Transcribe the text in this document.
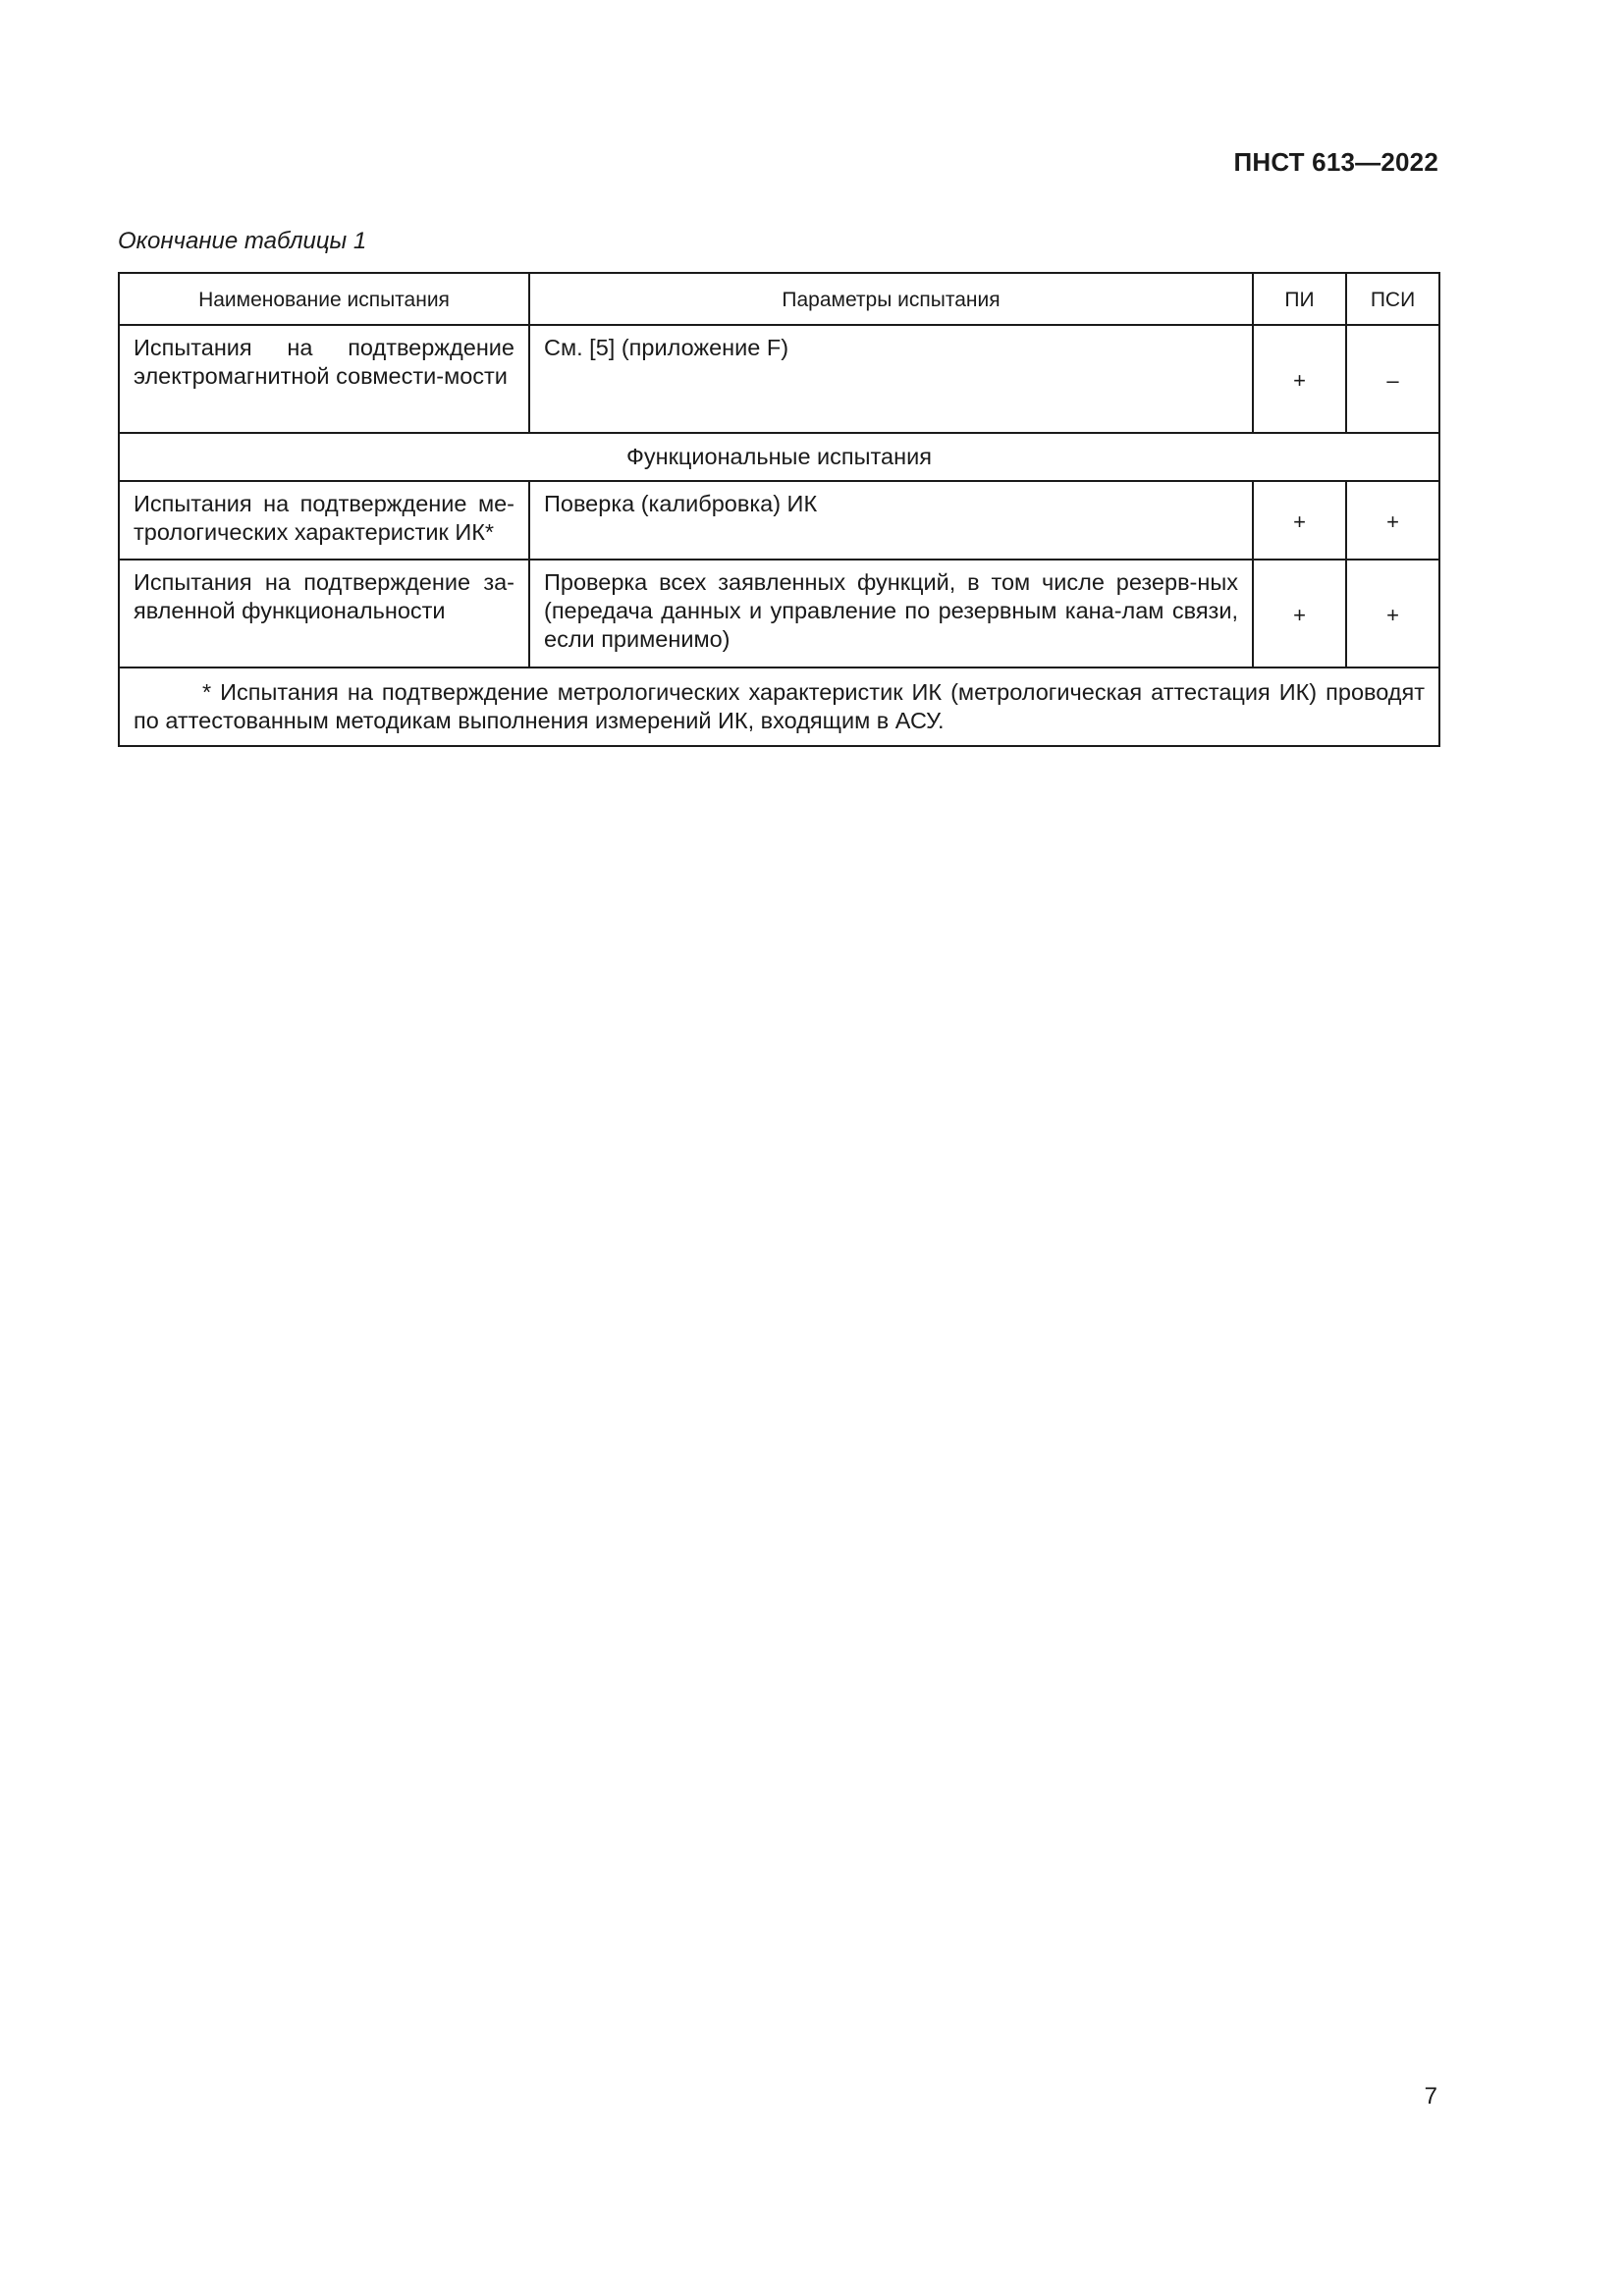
ПНСТ 613—2022
Окончание таблицы 1
Наименование испытания	Параметры испытания	ПИ	ПСИ
Испытания на подтверждение электромагнитной совмести-мости	См. [5] (приложение F)	+	–
Функциональные испытания			
Испытания на подтверждение ме-трологических характеристик ИК*	Поверка (калибровка) ИК	+	+
Испытания на подтверждение за-явленной функциональности	Проверка всех заявленных функций, в том числе резерв-ных (передача данных и управление по резервным кана-лам связи, если применимо)	+	+
* Испытания на подтверждение метрологических характеристик ИК (метрологическая аттестация ИК) проводят по аттестованным методикам выполнения измерений ИК, входящим в АСУ.			
7
